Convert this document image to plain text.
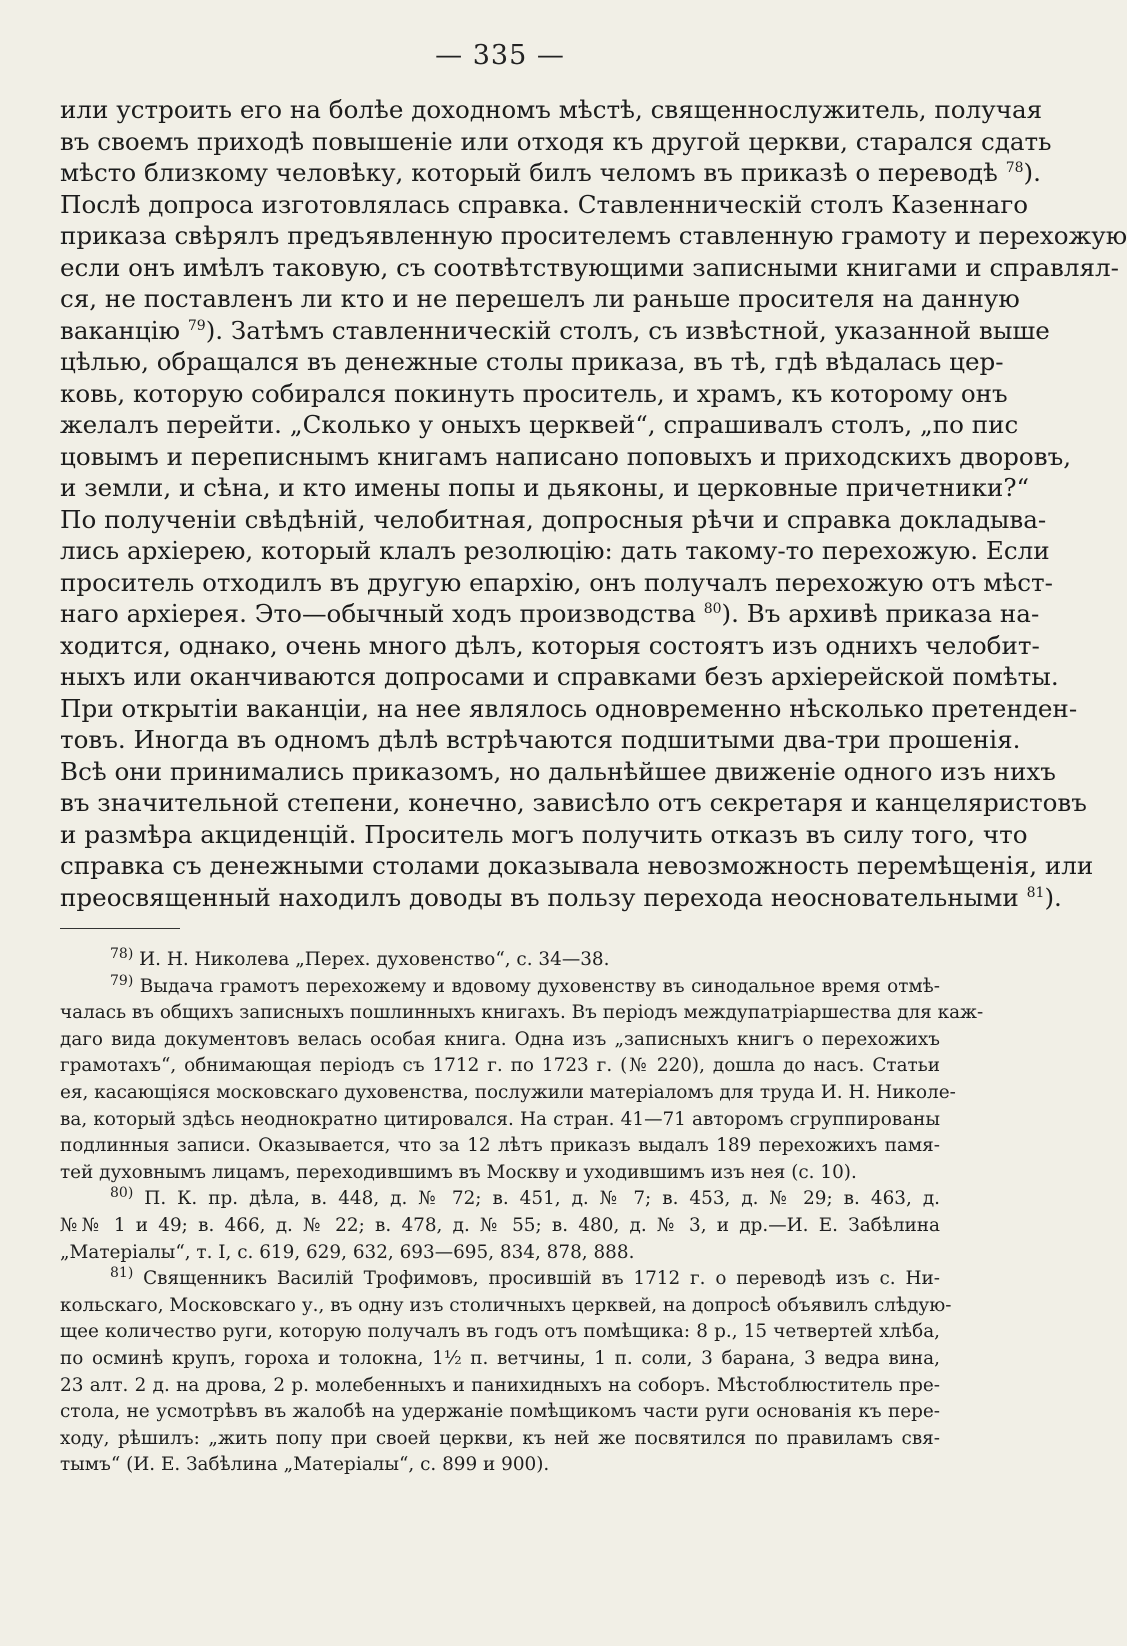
— 335 —
или устроить его на болѣе доходномъ мѣстѣ, священнослужитель, получая
въ своемъ приходѣ повышеніе или отходя къ другой церкви, старался сдать
мѣсто близкому человѣку, который билъ челомъ въ приказѣ о переводѣ $^{78}$).
Послѣ допроса изготовлялась справка. Ставленническій столъ Казеннаго
приказа свѣрялъ предъявленную просителемъ ставленную грамоту и перехожую
если онъ имѣлъ таковую, съ соотвѣтствующими записными книгами и справлял-
ся, не поставленъ ли кто и не перешелъ ли раньше просителя на данную
ваканцію $^{79}$). Затѣмъ ставленническій столъ, съ извѣстной, указанной выше
цѣлью, обращался въ денежные столы приказа, въ тѣ, гдѣ вѣдалась цер-
ковь, которую собирался покинуть проситель, и храмъ, къ которому онъ
желалъ перейти. „Сколько у оныхъ церквей“, спрашивалъ столъ, „по пис
цовымъ и переписнымъ книгамъ написано поповыхъ и приходскихъ дворовъ,
и земли, и сѣна, и кто имены попы и дьяконы, и церковные причетники?“
По полученіи свѣдѣній, челобитная, допросныя рѣчи и справка докладыва-
лись архіерею, который клалъ резолюцію: дать такому-то перехожую. Если
проситель отходилъ въ другую епархію, онъ получалъ перехожую отъ мѣст-
наго архіерея. Это—обычный ходъ производства $^{80}$). Въ архивѣ приказа на-
ходится, однако, очень много дѣлъ, которыя состоятъ изъ однихъ челобит-
ныхъ или оканчиваются допросами и справками безъ архіерейской помѣты.
При открытіи ваканціи, на нее являлось одновременно нѣсколько претенден-
товъ. Иногда въ одномъ дѣлѣ встрѣчаются подшитыми два-три прошенія.
Всѣ они принимались приказомъ, но дальнѣйшее движеніе одного изъ нихъ
въ значительной степени, конечно, зависѣло отъ секретаря и канцеляристовъ
и размѣра акциденцій. Проситель могъ получить отказъ въ силу того, что
справка съ денежными столами доказывала невозможность перемѣщенія, или
преосвященный находилъ доводы въ пользу перехода неосновательными $^{81}$).
$^{78)}$ И. Н. Николева „Перех. духовенство“, с. 34—38.
$^{79)}$ Выдача грамотъ перехожему и вдовому духовенству въ синодальное время отмѣ-
чалась въ общихъ записныхъ пошлинныхъ книгахъ. Въ періодъ междупатріаршества для каж-
даго вида документовъ велась особая книга. Одна изъ „записныхъ книгъ о перехожихъ
грамотахъ“, обнимающая періодъ съ 1712 г. по 1723 г. (№ 220), дошла до насъ. Статьи
ея, касающіяся московскаго духовенства, послужили матеріаломъ для труда И. Н. Николе-
ва, который здѣсь неоднократно цитировался. На стран. 41—71 авторомъ сгруппированы
подлинныя записи. Оказывается, что за 12 лѣтъ приказъ выдалъ 189 перехожихъ памя-
тей духовнымъ лицамъ, переходившимъ въ Москву и уходившимъ изъ нея (с. 10).
$^{80)}$ П. К. пр. дѣла, в. 448, д. № 72; в. 451, д. № 7; в. 453, д. № 29; в. 463, д.
№№ 1 и 49; в. 466, д. № 22; в. 478, д. № 55; в. 480, д. № 3, и др.—И. Е. Забѣлина
„Матеріалы“, т. I, с. 619, 629, 632, 693—695, 834, 878, 888.
$^{81)}$ Священникъ Василій Трофимовъ, просившій въ 1712 г. о переводѣ изъ с. Ни-
кольскаго, Московскаго у., въ одну изъ столичныхъ церквей, на допросѣ объявилъ слѣдую-
щее количество руги, которую получалъ въ годъ отъ помѣщика: 8 р., 15 четвертей хлѣба,
по осминѣ крупъ, гороха и толокна, 1½ п. ветчины, 1 п. соли, 3 барана, 3 ведра вина,
23 алт. 2 д. на дрова, 2 р. молебенныхъ и панихидныхъ на соборъ. Мѣстоблюститель пре-
стола, не усмотрѣвъ въ жалобѣ на удержаніе помѣщикомъ части руги основанія къ пере-
ходу, рѣшилъ: „жить попу при своей церкви, къ ней же посвятился по правиламъ свя-
тымъ“ (И. Е. Забѣлина „Матеріалы“, с. 899 и 900).
